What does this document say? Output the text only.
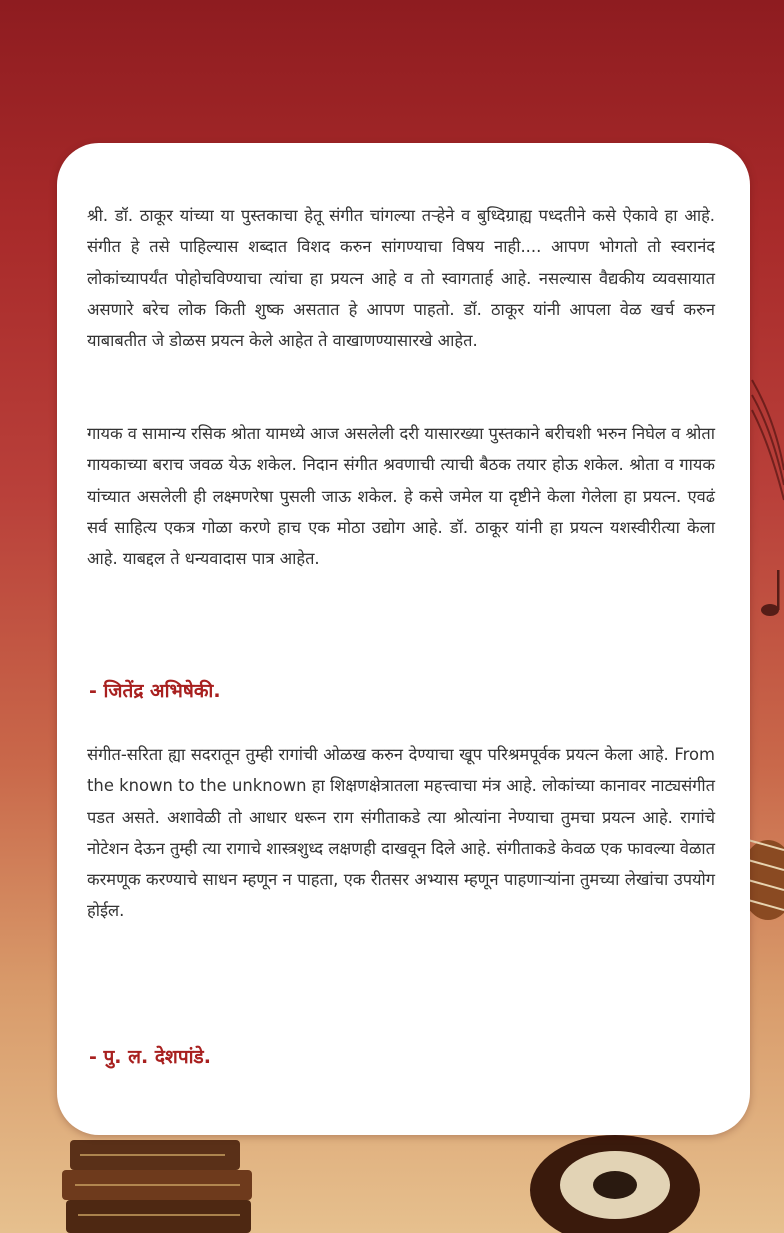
श्री. डॉ. ठाकूर यांच्या या पुस्तकाचा हेतू संगीत चांगल्या तऱ्हेने व बुध्दिग्राह्य पध्दतीने कसे ऐकावे हा आहे. संगीत हे तसे पाहिल्यास शब्दात विशद करुन सांगण्याचा विषय नाही.... आपण भोगतो तो स्वरानंद लोकांच्यापर्यंत पोहोचविण्याचा त्यांचा हा प्रयत्न आहे व तो स्वागतार्ह आहे. नसल्यास वैद्यकीय व्यवसायात असणारे बरेच लोक किती शुष्क असतात हे आपण पाहतो. डॉ. ठाकूर यांनी आपला वेळ खर्च करुन याबाबतीत जे डोळस प्रयत्न केले आहेत ते वाखाणण्यासारखे आहेत.

गायक व सामान्य रसिक श्रोता यामध्ये आज असलेली दरी यासारख्या पुस्तकाने बरीचशी भरुन निघेल व श्रोता गायकाच्या बराच जवळ येऊ शकेल. निदान संगीत श्रवणाची त्याची बैठक तयार होऊ शकेल. श्रोता व गायक यांच्यात असलेली ही लक्ष्मणरेषा पुसली जाऊ शकेल. हे कसे जमेल या दृष्टीने केला गेलेला हा प्रयत्न. एवढं सर्व साहित्य एकत्र गोळा करणे हाच एक मोठा उद्योग आहे. डॉ. ठाकूर यांनी हा प्रयत्न यशस्वीरीत्या केला आहे. याबद्दल ते धन्यवादास पात्र आहेत.

- जितेंद्र अभिषेकी.

संगीत-सरिता ह्या सदरातून तुम्ही रागांची ओळख करुन देण्याचा खूप परिश्रमपूर्वक प्रयत्न केला आहे. From the known to the unknown हा शिक्षणक्षेत्रातला महत्त्वाचा मंत्र आहे. लोकांच्या कानावर नाट्यसंगीत पडत असते. अशावेळी तो आधार धरून राग संगीताकडे त्या श्रोत्यांना नेण्याचा तुमचा प्रयत्न आहे. रागांचे नोटेशन देऊन तुम्ही त्या रागाचे शास्त्रशुध्द लक्षणही दाखवून दिले आहे. संगीताकडे केवळ एक फावल्या वेळात करमणूक करण्याचे साधन म्हणून न पाहता, एक रीतसर अभ्यास म्हणून पाहणाऱ्यांना तुमच्या लेखांचा उपयोग होईल.

- पु. ल. देशपांडे.
